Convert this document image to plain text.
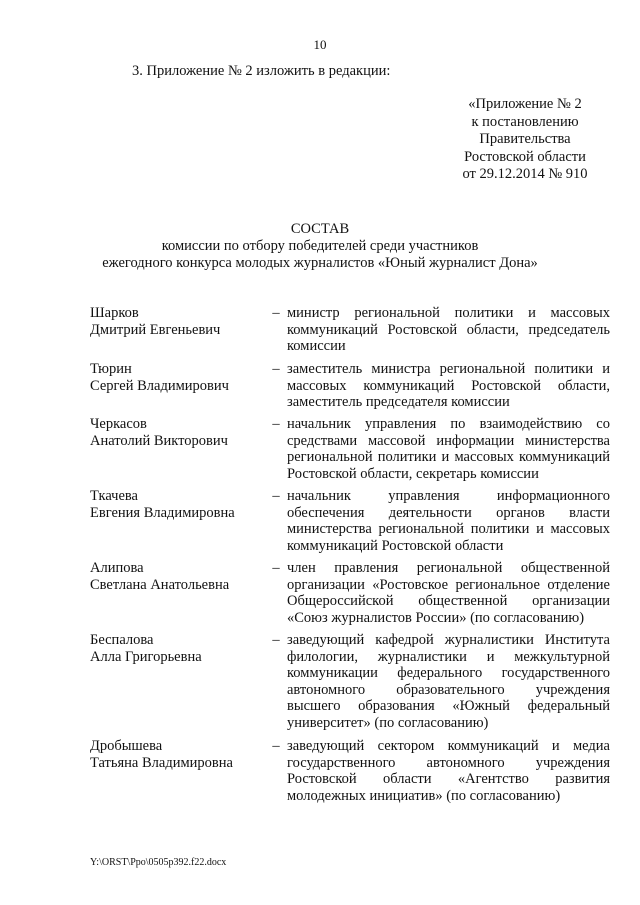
10
3. Приложение № 2 изложить в редакции:
«Приложение № 2
к постановлению
Правительства
Ростовской области
от 29.12.2014 № 910
СОСТАВ
комиссии по отбору победителей среди участников
ежегодного конкурса молодых журналистов «Юный журналист Дона»
Шарков
Дмитрий Евгеньевич
– министр региональной политики и массовых коммуникаций Ростовской области, председатель комиссии
Тюрин
Сергей Владимирович
– заместитель министра региональной политики и массовых коммуникаций Ростовской области, заместитель председателя комиссии
Черкасов
Анатолий Викторович
– начальник управления по взаимодействию со средствами массовой информации министерства региональной политики и массовых коммуникаций Ростовской области, секретарь комиссии
Ткачева
Евгения Владимировна
– начальник управления информационного обеспечения деятельности органов власти министерства региональной политики и массовых коммуникаций Ростовской области
Алипова
Светлана Анатольевна
– член правления региональной общественной организации «Ростовское региональное отделение Общероссийской общественной организации «Союз журналистов России» (по согласованию)
Беспалова
Алла Григорьевна
– заведующий кафедрой журналистики Института филологии, журналистики и межкультурной коммуникации федерального государственного автономного образовательного учреждения высшего образования «Южный федеральный университет» (по согласованию)
Дробышева
Татьяна Владимировна
– заведующий сектором коммуникаций и медиа государственного автономного учреждения Ростовской области «Агентство развития молодежных инициатив» (по согласованию)
Y:\ORST\Ppo\0505p392.f22.docx
